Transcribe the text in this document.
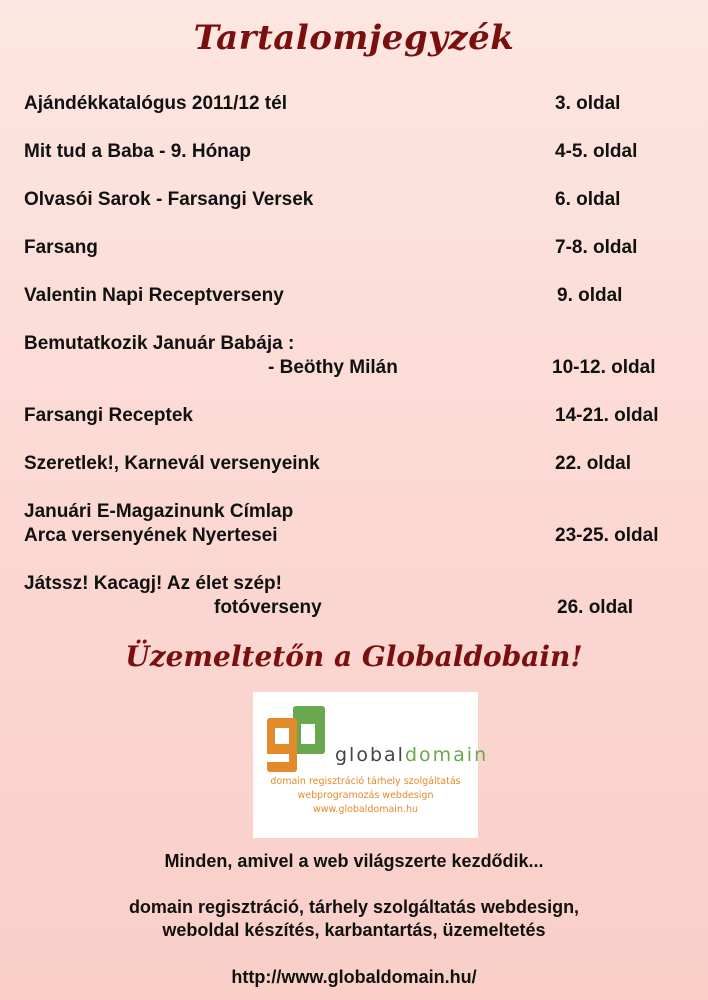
Tartalomjegyzék
Ajándékkatalógus 2011/12 tél	3. oldal
Mit tud a Baba - 9. Hónap	4-5. oldal
Olvasói Sarok - Farsangi Versek	6. oldal
Farsang	7-8. oldal
Valentin Napi Receptverseny	9. oldal
Bemutatkozik Január Babája :
- Beöthy Milán	10-12. oldal
Farsangi Receptek	14-21. oldal
Szeretlek!, Karnevál versenyeink	22. oldal
Januári E-Magazinunk Címlap
Arca versenyének Nyertesei	23-25. oldal
Játssz! Kacagj! Az élet szép!
fotóverseny	26. oldal
Üzemeltetőn a Globaldobain!
globaldomain
domain regisztráció tárhely szolgáltatás
webprogramozás webdesign
www.globaldomain.hu
Minden, amivel a web világszerte kezdődik...
domain regisztráció, tárhely szolgáltatás webdesign,
weboldal készítés, karbantartás, üzemeltetés
http://www.globaldomain.hu/
